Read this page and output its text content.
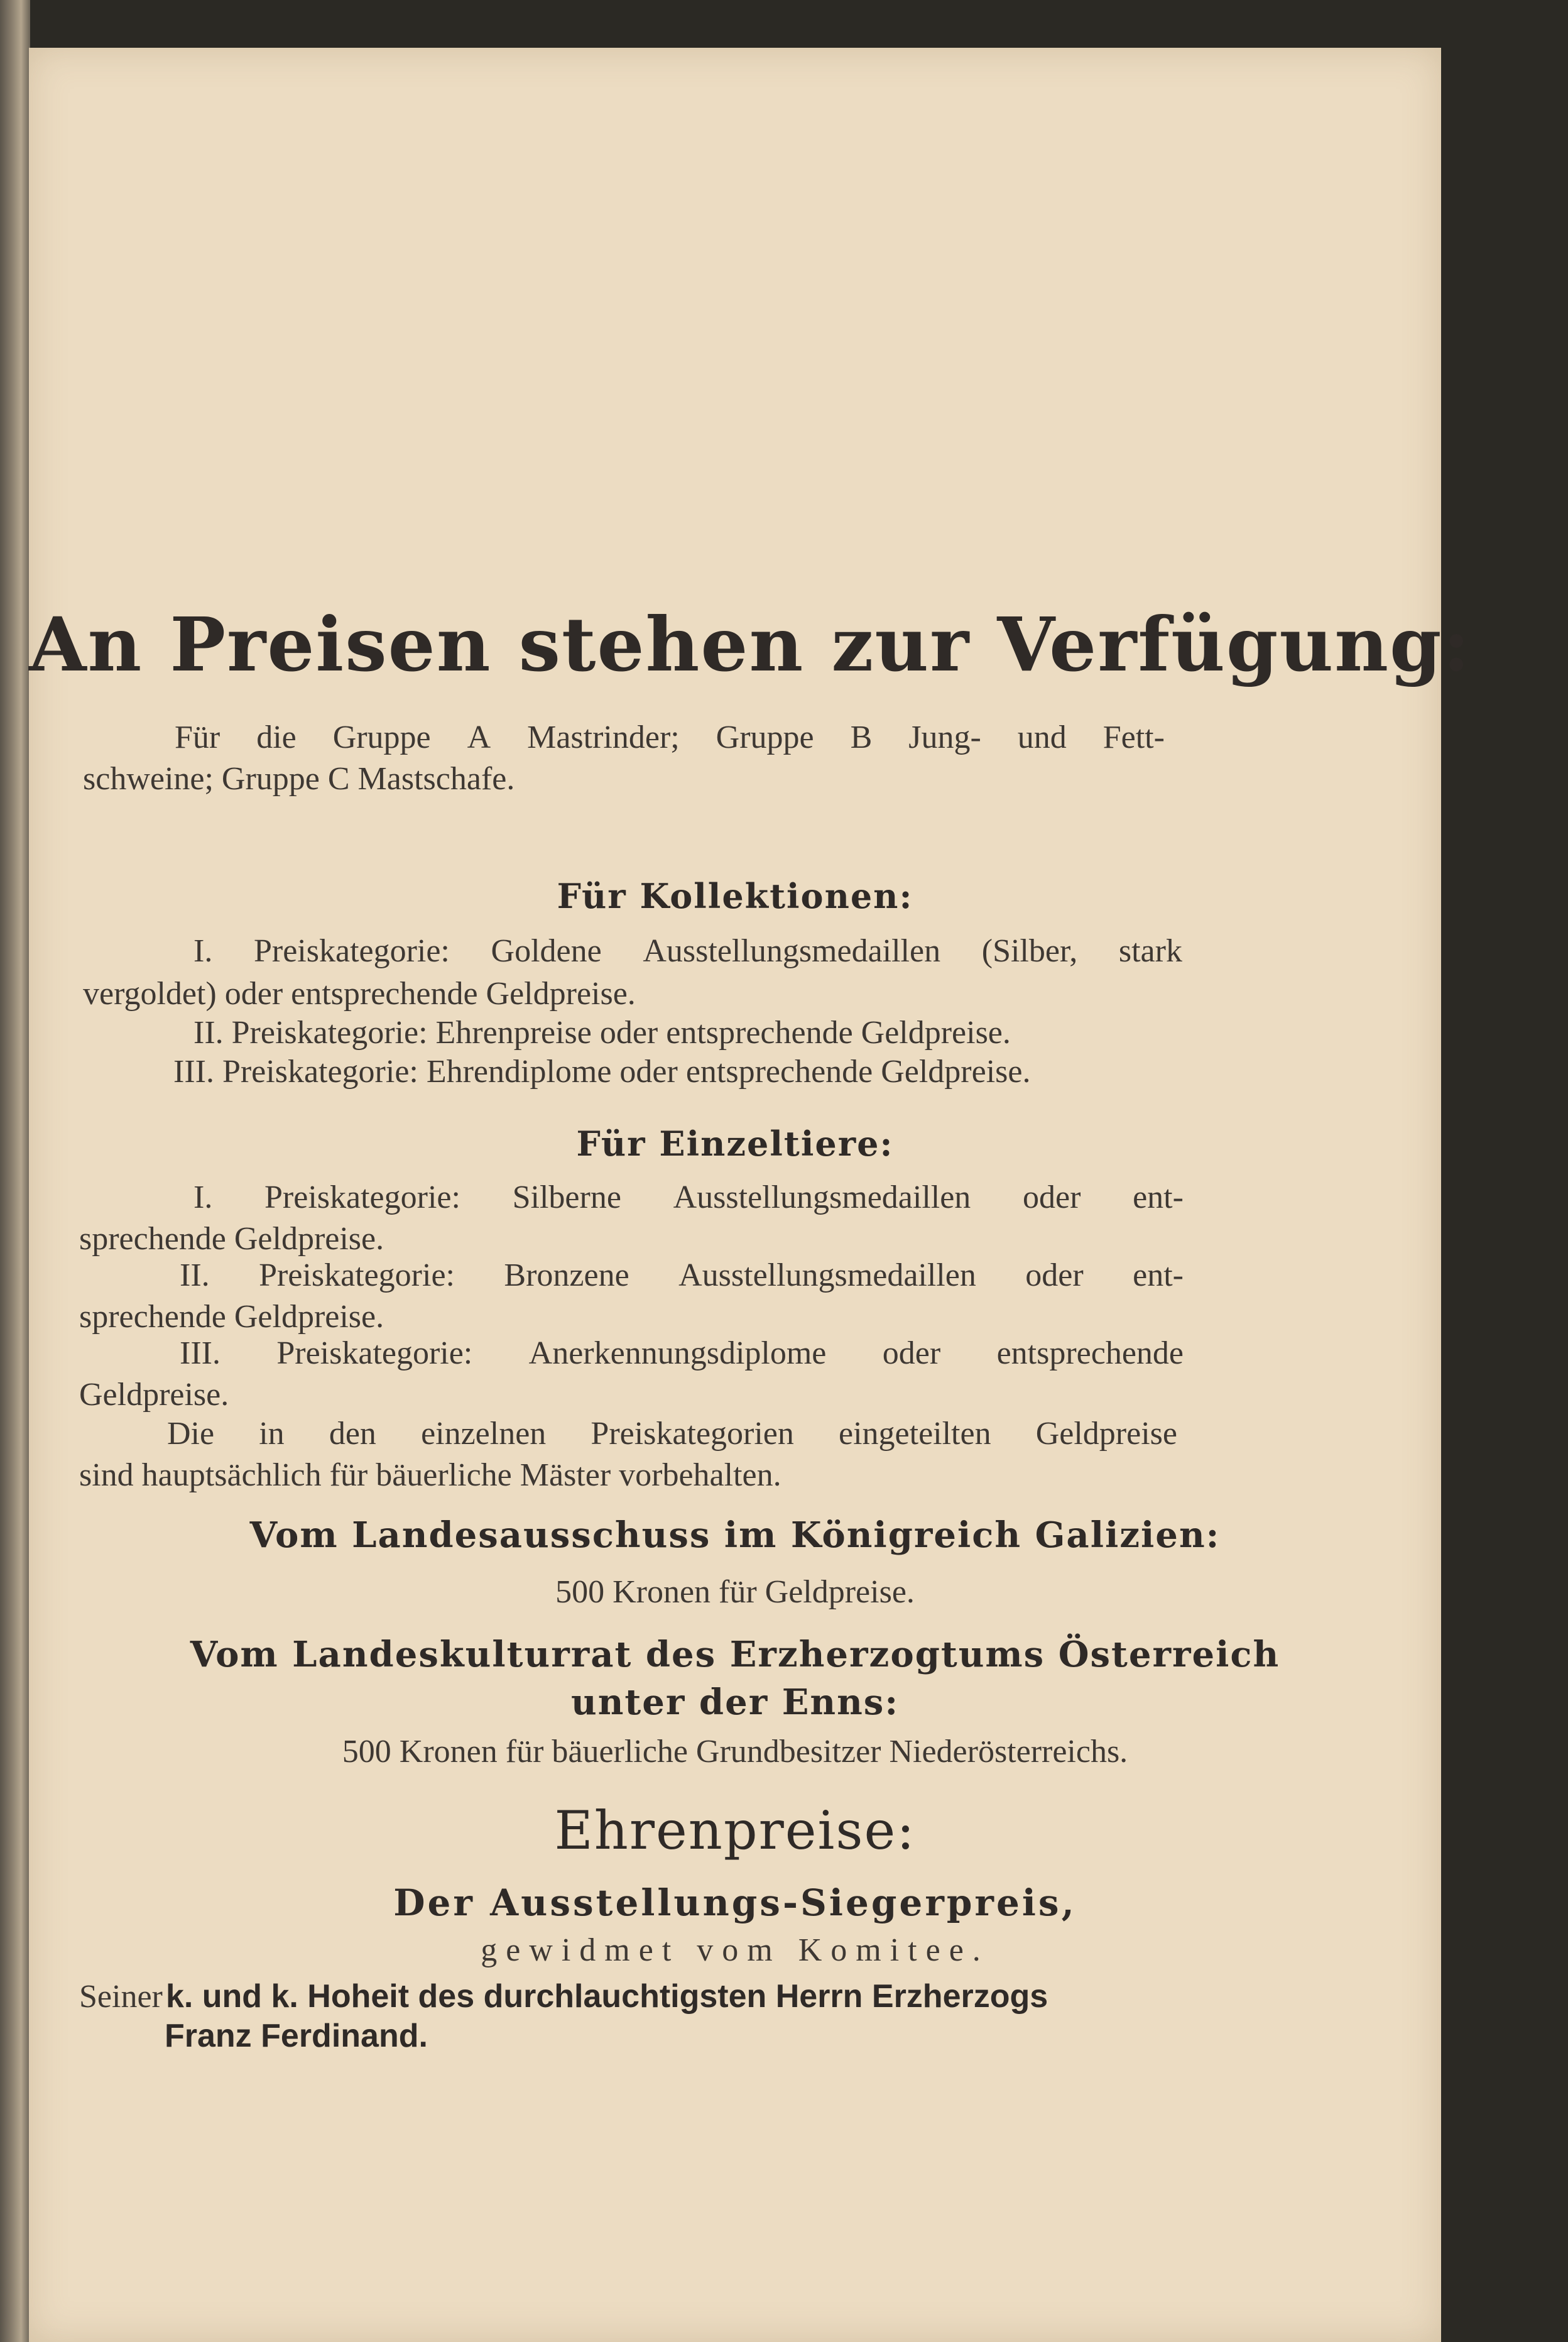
An Preisen stehen zur Verfügung:
Für die Gruppe A Mastrinder; Gruppe B Jung- und Fett-
schweine; Gruppe C Mastschafe.
Für Kollektionen:
I. Preiskategorie: Goldene Ausstellungsmedaillen (Silber, stark
vergoldet) oder entsprechende Geldpreise.
II. Preiskategorie: Ehrenpreise oder entsprechende Geldpreise.
III. Preiskategorie: Ehrendiplome oder entsprechende Geldpreise.
Für Einzeltiere:
I. Preiskategorie: Silberne Ausstellungsmedaillen oder ent-
sprechende Geldpreise.
II. Preiskategorie: Bronzene Ausstellungsmedaillen oder ent-
sprechende Geldpreise.
III. Preiskategorie: Anerkennungsdiplome oder entsprechende
Geldpreise.
Die in den einzelnen Preiskategorien eingeteilten Geldpreise
sind hauptsächlich für bäuerliche Mäster vorbehalten.
Vom Landesausschuss im Königreich Galizien:
500 Kronen für Geldpreise.
Vom Landeskulturrat des Erzherzogtums Österreich
unter der Enns:
500 Kronen für bäuerliche Grundbesitzer Niederösterreichs.
Ehrenpreise:
Der Ausstellungs-Siegerpreis,
gewidmet vom Komitee.
Seiner k. und k. Hoheit des durchlauchtigsten Herrn Erzherzogs
Franz Ferdinand.
